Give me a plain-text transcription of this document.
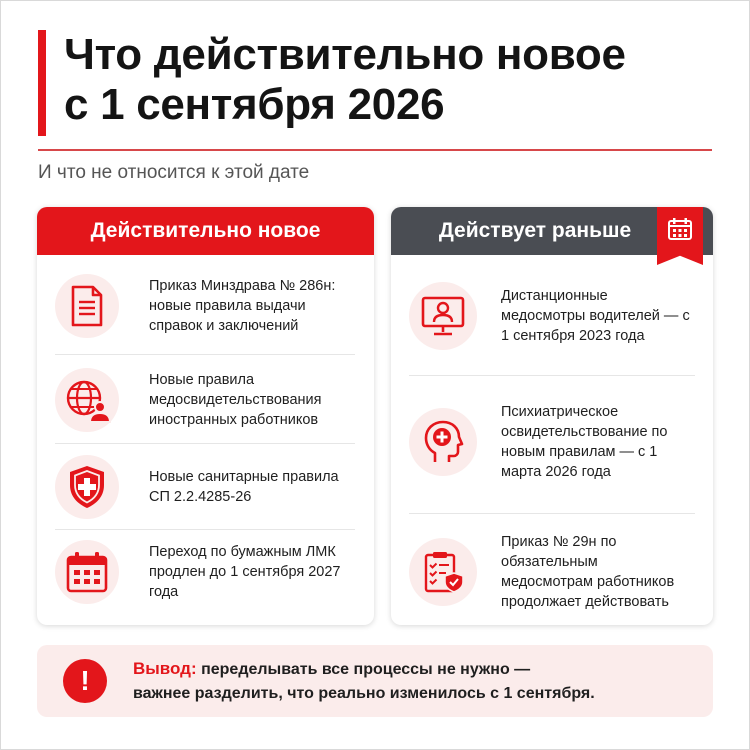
Что действительно новое
с 1 сентября 2026
И что не относится к этой дате
Действительно новое
Приказ Минздрава № 286н: новые правила выдачи справок и заключений
Новые правила медосвидетельствования иностранных работников
Новые санитарные правила СП 2.2.4285-26
Переход по бумажным ЛМК продлен до 1 сентября 2027 года
Действует раньше
Дистанционные медосмотры водителей — с 1 сентября 2023 года
Психиатрическое освидетельствование по новым правилам — с 1 марта 2026 года
Приказ № 29н по обязательным медосмотрам работников продолжает действовать
!	Вывод: переделывать все процессы не нужно —
важнее разделить, что реально изменилось с 1 сентября.
